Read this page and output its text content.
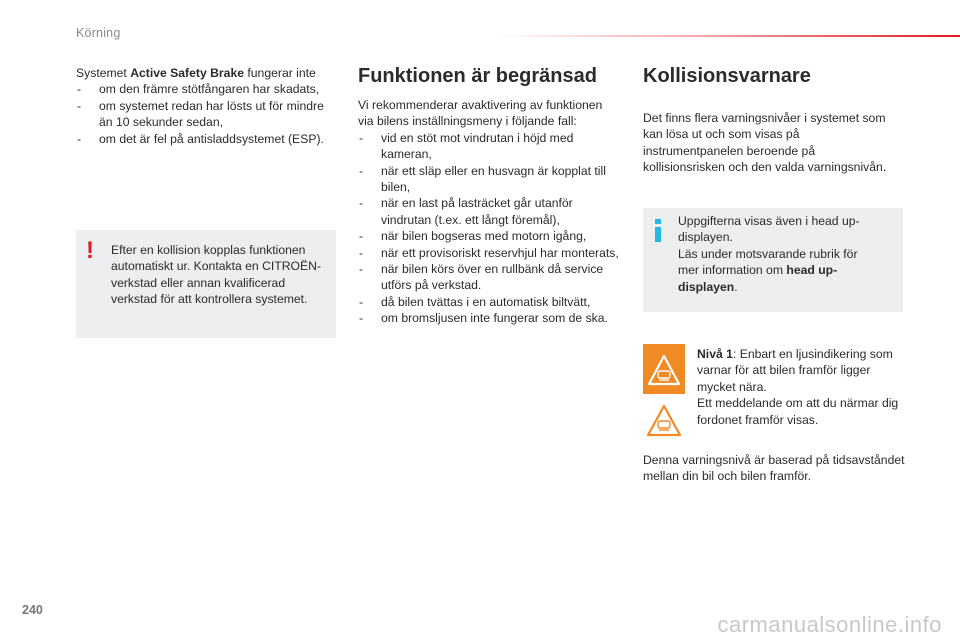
Körning

Systemet Active Safety Brake fungerar inte

- om den främre stötfångaren har skadats,
- om systemet redan har lösts ut för mindre än 10 sekunder sedan,
- om det är fel på antisladdsystemet (ESP).
! Efter en kollision kopplas funktionen automatiskt ur. Kontakta en CITROËN-verkstad eller annan kvalificerad verkstad för att kontrollera systemet.

Funktionen är begränsad

Vi rekommenderar avaktivering av funktionen via bilens inställningsmeny i följande fall:

- vid en stöt mot vindrutan i höjd med kameran,
- när ett släp eller en husvagn är kopplat till bilen,
- när en last på lasträcket går utanför vindrutan (t.ex. ett långt föremål),
- när bilen bogseras med motorn igång,
- när ett provisoriskt reservhjul har monterats,
- när bilen körs över en rullbänk då service utförs på verkstad.
- då bilen tvättas i en automatisk biltvätt,
- om bromsljusen inte fungerar som de ska.
Kollisionsvarnare

Det finns flera varningsnivåer i systemet som kan lösa ut och som visas på instrumentpanelen beroende på kollisionsrisken och den valda varningsnivån.

Uppgifterna visas även i head up-displayen.

Läs under motsvarande rubrik för mer information om head up-displayen.

Nivå 1: Enbart en ljusindikering som varnar för att bilen framför ligger mycket nära.

Ett meddelande om att du närmar dig fordonet framför visas.

Denna varningsnivå är baserad på tidsavståndet mellan din bil och bilen framför.

240
carmanualsonline.info
